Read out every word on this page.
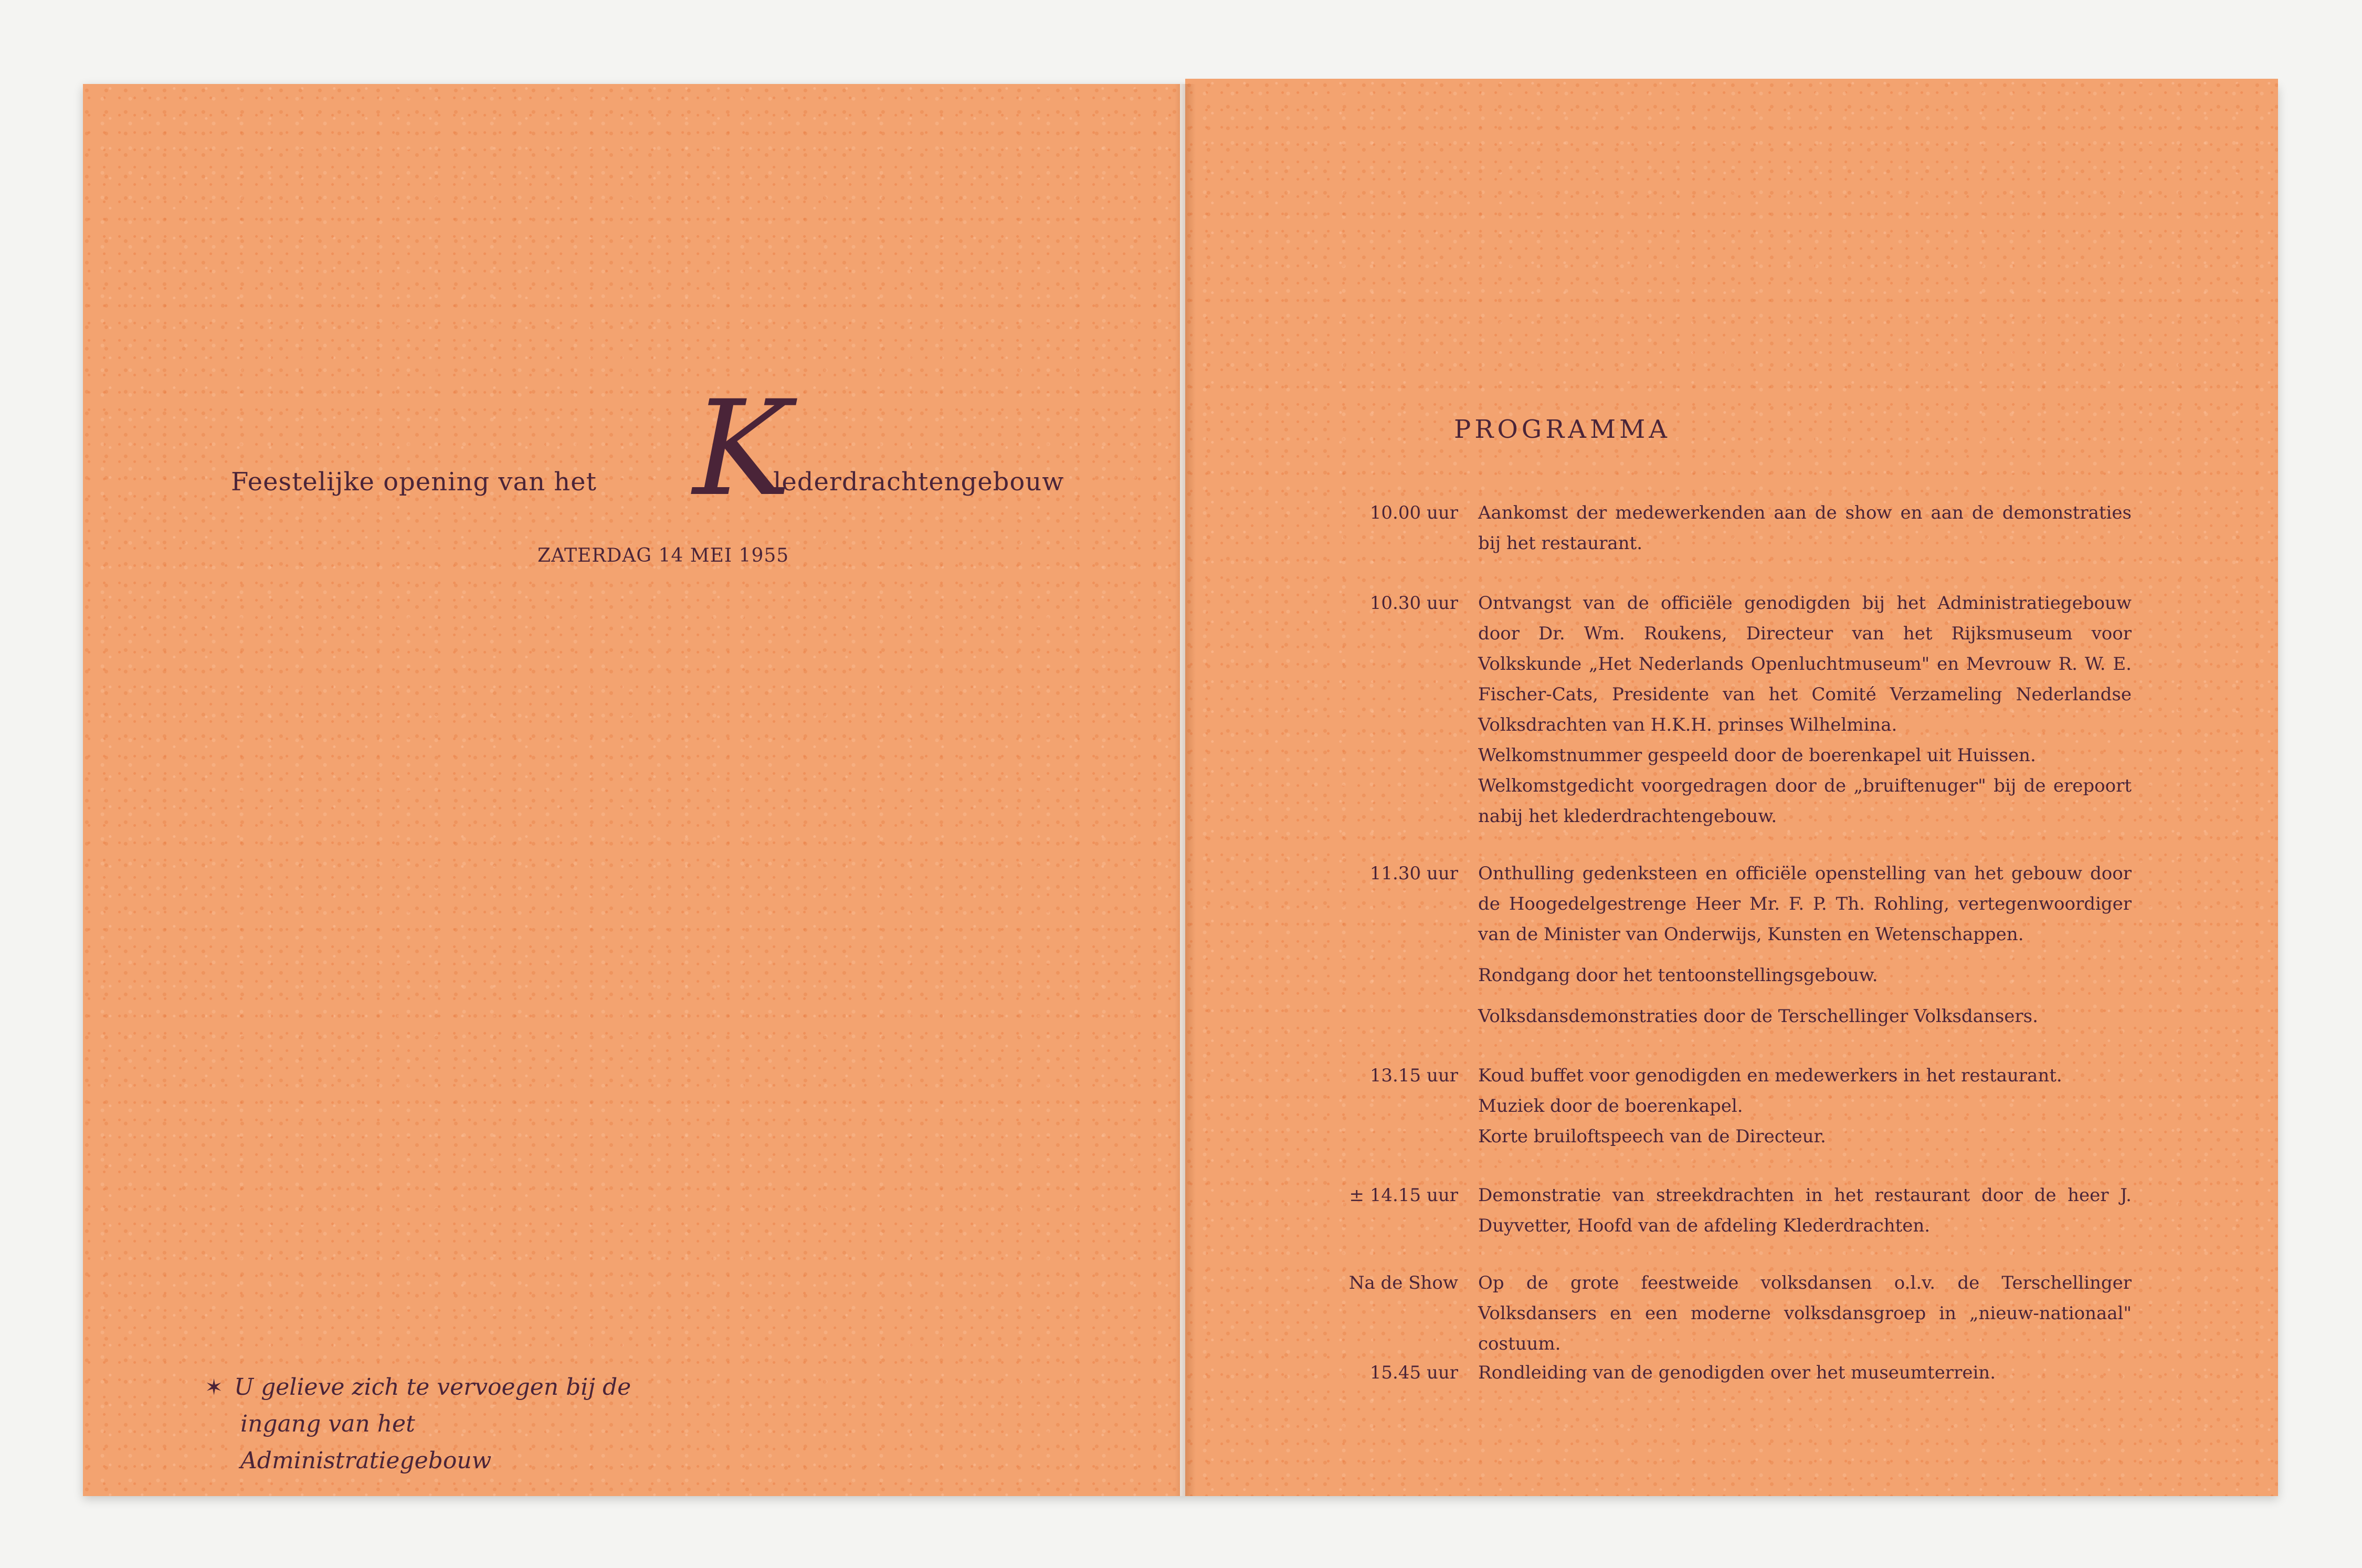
Feestelijke opening van het K
lederdrachtengebouw
ZATERDAG 14 MEI 1955
✶ U gelieve zich te vervoegen bij de
ingang van het Administratiegebouw
PROGRAMMA
10.00 uur Aankomst der medewerkenden aan de show en aan de demonstraties bij het restaurant.

10.30 uur Ontvangst van de officiële genodigden bij het Administratiegebouw door Dr. Wm. Roukens, Directeur van het Rijksmuseum voor Volkskunde „Het Nederlands Openluchtmuseum" en Mevrouw R. W. E. Fischer-Cats, Presidente van het Comité Verzameling Nederlandse Volksdrachten van H.K.H. prinses Wilhelmina.

Welkomstnummer gespeeld door de boerenkapel uit Huissen.

Welkomstgedicht voorgedragen door de „bruiftenuger" bij de erepoort nabij het klederdrachtengebouw.

11.30 uur Onthulling gedenksteen en officiële openstelling van het gebouw door de Hoogedelgestrenge Heer Mr. F. P. Th. Rohling, vertegenwoordiger van de Minister van Onderwijs, Kunsten en Wetenschappen.

Rondgang door het tentoonstellingsgebouw.

Volksdansdemonstraties door de Terschellinger Volksdansers.

13.15 uur Koud buffet voor genodigden en medewerkers in het restaurant.

Muziek door de boerenkapel.

Korte bruiloftspeech van de Directeur.

± 14.15 uur Demonstratie van streekdrachten in het restaurant door de heer J. Duyvetter, Hoofd van de afdeling Klederdrachten.

Na de Show Op de grote feestweide volksdansen o.l.v. de Terschellinger Volksdansers en een moderne volksdansgroep in „nieuw-nationaal" costuum.

15.45 uur Rondleiding van de genodigden over het museumterrein.
